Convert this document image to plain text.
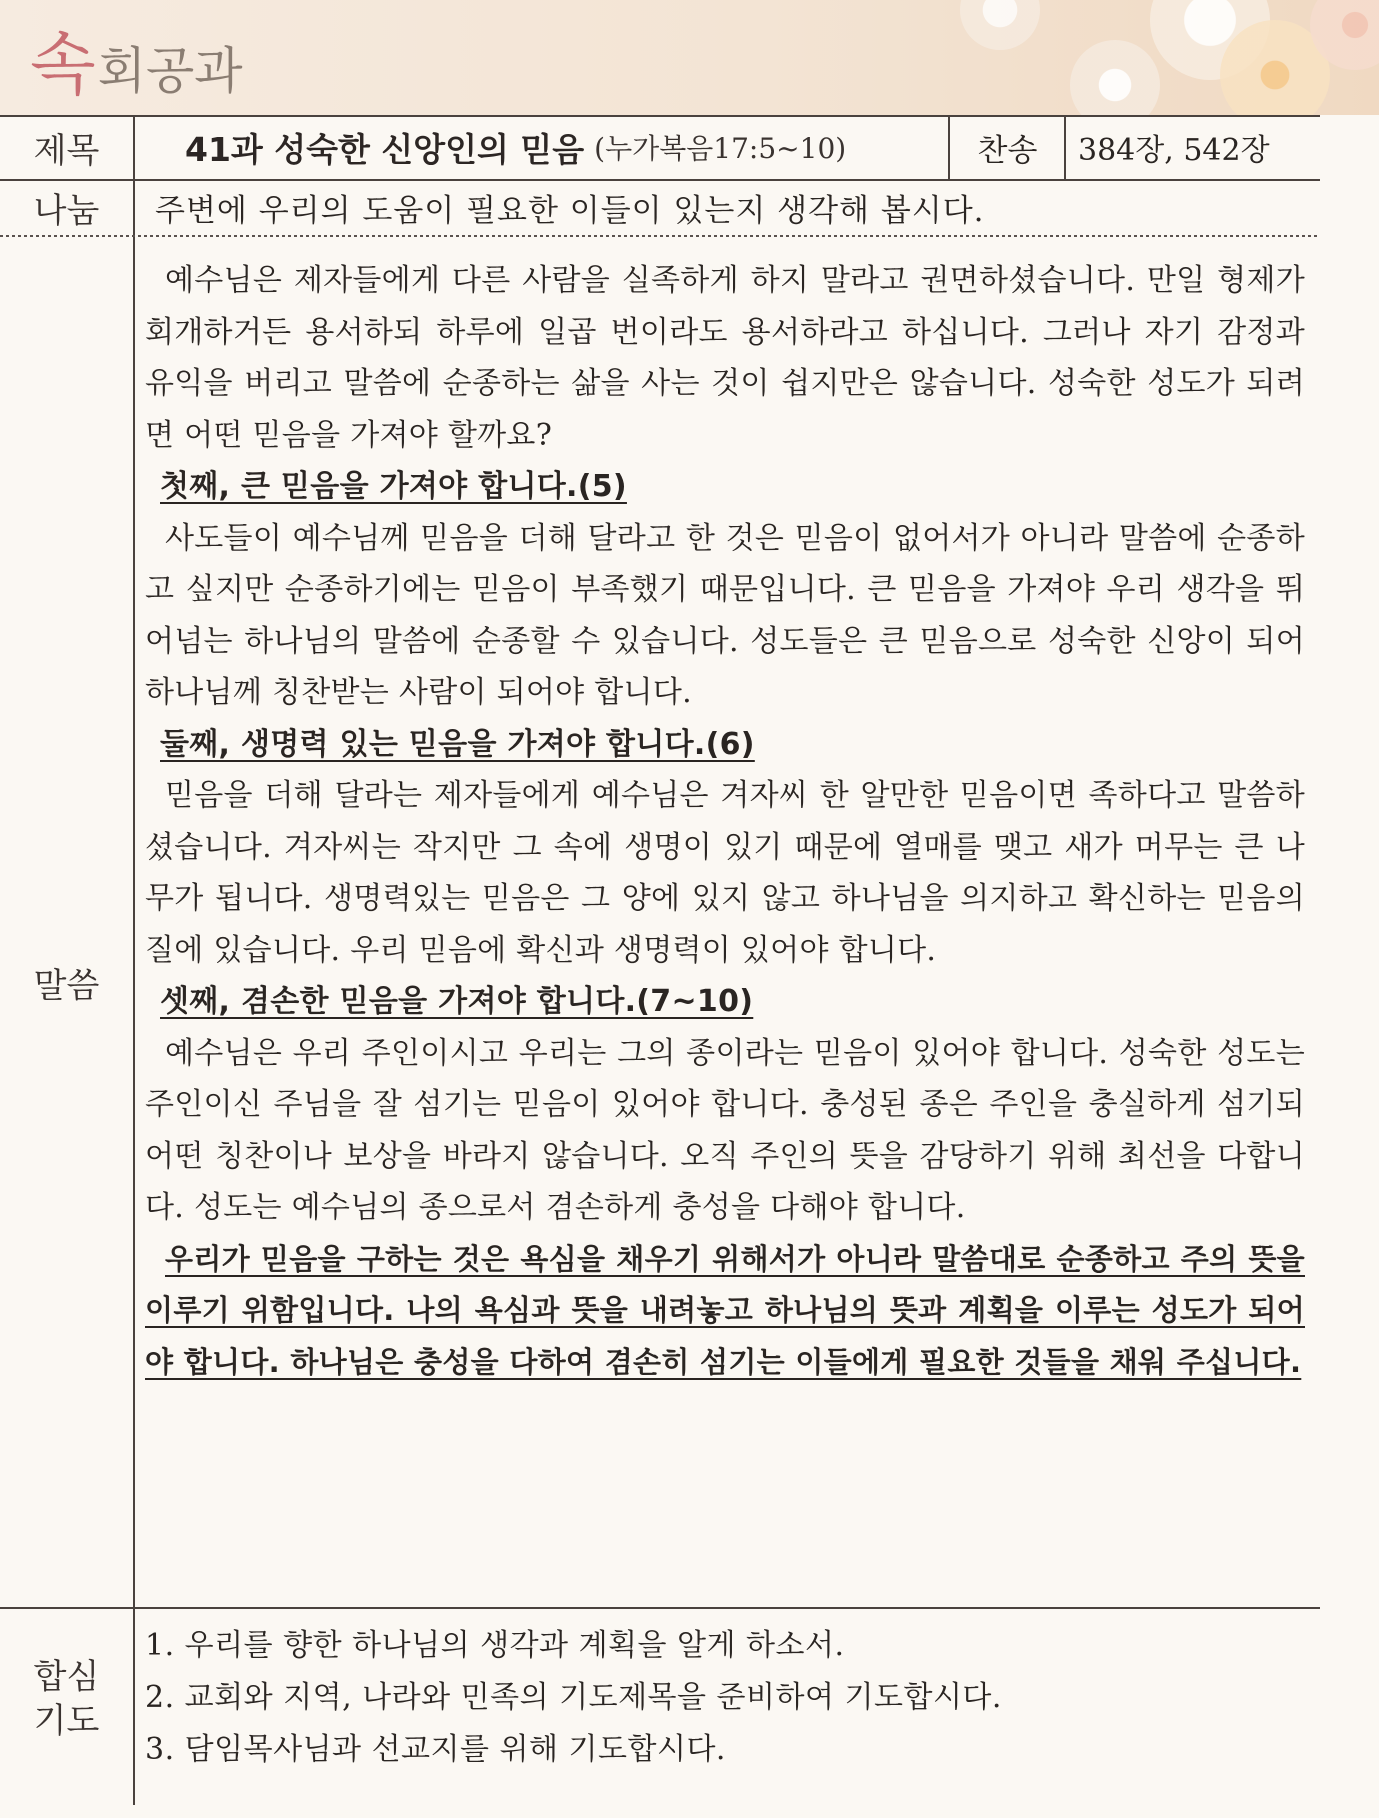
속 회공과
제목	41과 성숙한 신앙인의 믿음 (누가복음17:5~10)	찬송	384장, 542장
나눔	주변에 우리의 도움이 필요한 이들이 있는지 생각해 봅시다.
말씀

예수님은 제자들에게 다른 사람을 실족하게 하지 말라고 권면하셨습니다. 만일 형제가 회개하거든 용서하되 하루에 일곱 번이라도 용서하라고 하십니다. 그러나 자기 감정과 유익을 버리고 말씀에 순종하는 삶을 사는 것이 쉽지만은 않습니다. 성숙한 성도가 되려면 어떤 믿음을 가져야 할까요?

첫째, 큰 믿음을 가져야 합니다.(5)

사도들이 예수님께 믿음을 더해 달라고 한 것은 믿음이 없어서가 아니라 말씀에 순종하고 싶지만 순종하기에는 믿음이 부족했기 때문입니다. 큰 믿음을 가져야 우리 생각을 뛰어넘는 하나님의 말씀에 순종할 수 있습니다. 성도들은 큰 믿음으로 성숙한 신앙이 되어 하나님께 칭찬받는 사람이 되어야 합니다.

둘째, 생명력 있는 믿음을 가져야 합니다.(6)

믿음을 더해 달라는 제자들에게 예수님은 겨자씨 한 알만한 믿음이면 족하다고 말씀하셨습니다. 겨자씨는 작지만 그 속에 생명이 있기 때문에 열매를 맺고 새가 머무는 큰 나무가 됩니다. 생명력있는 믿음은 그 양에 있지 않고 하나님을 의지하고 확신하는 믿음의 질에 있습니다. 우리 믿음에 확신과 생명력이 있어야 합니다.

셋째, 겸손한 믿음을 가져야 합니다.(7~10)

예수님은 우리 주인이시고 우리는 그의 종이라는 믿음이 있어야 합니다. 성숙한 성도는 주인이신 주님을 잘 섬기는 믿음이 있어야 합니다. 충성된 종은 주인을 충실하게 섬기되 어떤 칭찬이나 보상을 바라지 않습니다. 오직 주인의 뜻을 감당하기 위해 최선을 다합니다. 성도는 예수님의 종으로서 겸손하게 충성을 다해야 합니다.

우리가 믿음을 구하는 것은 욕심을 채우기 위해서가 아니라 말씀대로 순종하고 주의 뜻을 이루기 위함입니다. 나의 욕심과 뜻을 내려놓고 하나님의 뜻과 계획을 이루는 성도가 되어야 합니다. 하나님은 충성을 다하여 겸손히 섬기는 이들에게 필요한 것들을 채워 주십니다.

합심
기도
1. 우리를 향한 하나님의 생각과 계획을 알게 하소서.
2. 교회와 지역, 나라와 민족의 기도제목을 준비하여 기도합시다.
3. 담임목사님과 선교지를 위해 기도합시다.
